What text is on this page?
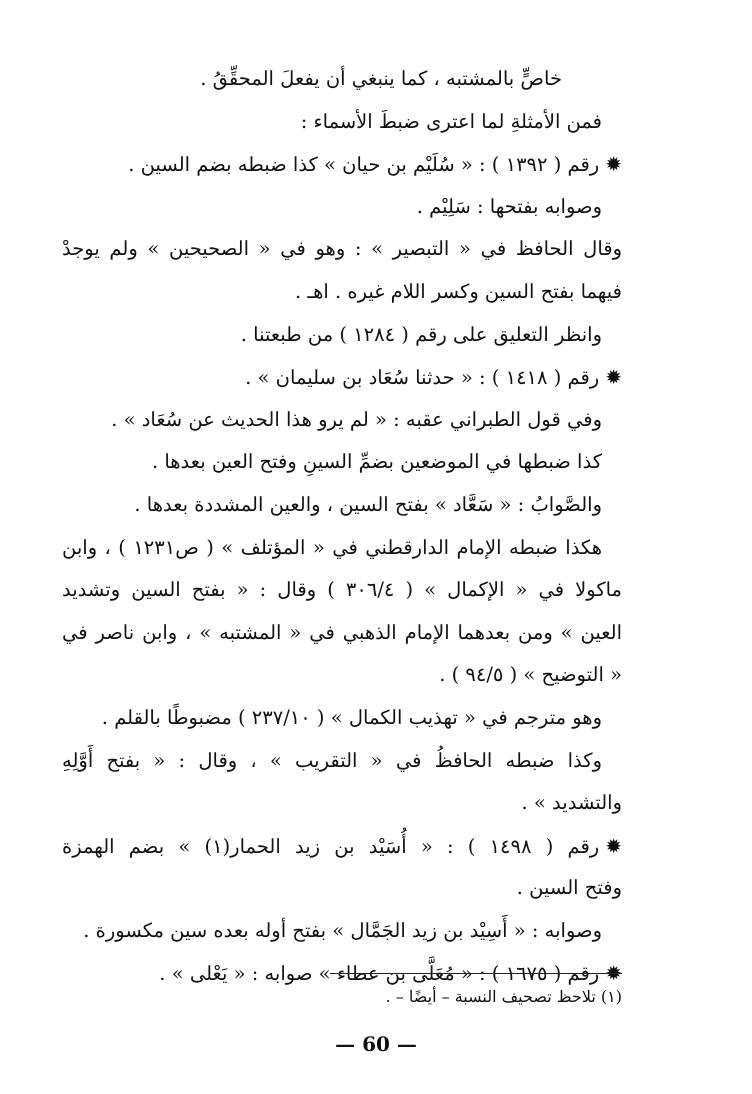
خاصٍّ بالمشتبه ، كما ينبغي أن يفعلَ المحقِّقُ .
فمن الأمثلةِ لما اعترى ضبطَ الأسماء :
✹رقم ( ١٣٩٢ ) : « سُلَيْم بن حيان » كذا ضبطه بضم السين .
وصوابه بفتحها : سَلِيْم .
وقال الحافظ في « التبصير » : وهو في « الصحيحين » ولم يوجدْ
فيهما بفتح السين وكسر اللام غيره . اهـ .
وانظر التعليق على رقم ( ١٢٨٤ ) من طبعتنا .
✹رقم ( ١٤١٨ ) : « حدثنا سُعَاد بن سليمان » .
وفي قول الطبراني عقبه : « لم يرو هذا الحديث عن سُعَاد » .
كذا ضبطها في الموضعين بضمِّ السينِ وفتح العين بعدها .
والصَّوابُ : « سَعَّاد » بفتح السين ، والعين المشددة بعدها .
هكذا ضبطه الإمام الدارقطني في « المؤتلف » ( ص١٢٣١ ) ، وابن
ماكولا في « الإكمال » ( ٣٠٦/٤ ) وقال : « بفتح السين وتشديد
العين » ومن بعدهما الإمام الذهبي في « المشتبه » ، وابن ناصر في
« التوضيح » ( ٩٤/٥ ) .
وهو مترجم في « تهذيب الكمال » ( ٢٣٧/١٠ ) مضبوطًا بالقلم .
وكذا ضبطه الحافظُ في « التقريب » ، وقال : « بفتح أَوَّلِهِ
والتشديد » .
✹رقم ( ١٤٩٨ ) : « أُسَيْد بن زيد الحمار(١) » بضم الهمزة
وفتح السين .
وصوابه : « أَسِيْد بن زيد الجَمَّال » بفتح أوله بعده سين مكسورة .
✹رقم ( ١٦٧٥ ) : « مُعَلَّى بن عطاء » صوابه : « يَعْلى » .
(١) تلاحظ تصحيف النسبة – أيضًا – .
— 60 —
